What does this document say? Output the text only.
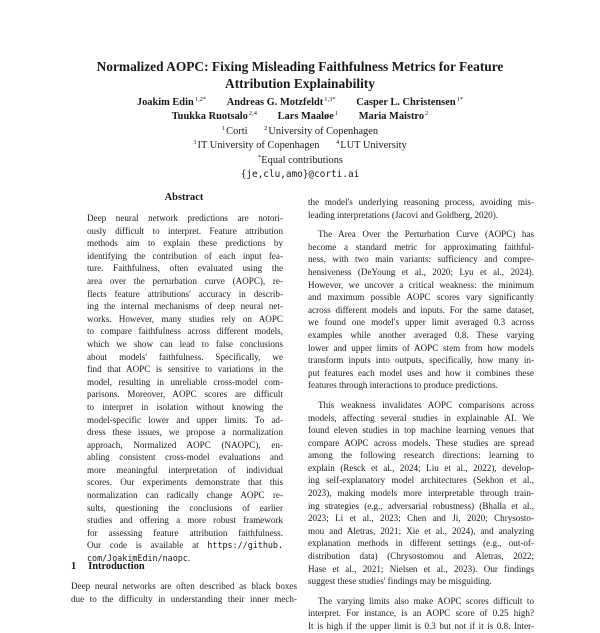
Normalized AOPC: Fixing Misleading Faithfulness Metrics for Feature
Attribution Explainability
Joakim Edin$^{1,2*}$ Andreas G. Motzfeldt$^{1,3*}$ Casper L. Christensen$^{1*}$
Tuukka Ruotsalo$^{2,4}$ Lars Maaløe$^1$ Maria Maistro$^2$
$^1$Corti	$^2$University of Copenhagen
$^3$IT University of Copenhagen	$^4$LUT University
*Equal contributions
{je,clu,amo}@corti.ai
Abstract
Deep neural network predictions are notori-
ously difficult to interpret. Feature attribution
methods aim to explain these predictions by
identifying the contribution of each input fea-
ture. Faithfulness, often evaluated using the
area over the perturbation curve (AOPC), re-
flects feature attributions' accuracy in describ-
ing the internal mechanisms of deep neural net-
works. However, many studies rely on AOPC
to compare faithfulness across different models,
which we show can lead to false conclusions
about models' faithfulness. Specifically, we
find that AOPC is sensitive to variations in the
model, resulting in unreliable cross-model com-
parisons. Moreover, AOPC scores are difficult
to interpret in isolation without knowing the
model-specific lower and upper limits. To ad-
dress these issues, we propose a normalization
approach, Normalized AOPC (NAOPC), en-
abling consistent cross-model evaluations and
more meaningful interpretation of individual
scores. Our experiments demonstrate that this
normalization can radically change AOPC re-
sults, questioning the conclusions of earlier
studies and offering a more robust framework
for assessing feature attribution faithfulness.
Our code is available at https://github.
com/JoakimEdin/naopc.
1 Introduction
Deep neural networks are often described as black boxes
due to the difficulty in understanding their inner mech-
the model's underlying reasoning process, avoiding mis-
leading interpretations (Jacovi and Goldberg, 2020).
The Area Over the Perturbation Curve (AOPC) has
become a standard metric for approximating faithful-
ness, with two main variants: sufficiency and compre-
hensiveness (DeYoung et al., 2020; Lyu et al., 2024).
However, we uncover a critical weakness: the minimum
and maximum possible AOPC scores vary significantly
across different models and inputs. For the same dataset,
we found one model's upper limit averaged 0.3 across
examples while another averaged 0.8. These varying
lower and upper limits of AOPC stem from how models
transform inputs into outputs, specifically, how many in-
put features each model uses and how it combines these
features through interactions to produce predictions.
This weakness invalidates AOPC comparisons across
models, affecting several studies in explainable AI. We
found eleven studies in top machine learning venues that
compare AOPC across models. These studies are spread
among the following research directions: learning to
explain (Resck et al., 2024; Liu et al., 2022), develop-
ing self-explanatory model architectures (Sekhon et al.,
2023), making models more interpretable through train-
ing strategies (e.g., adversarial robustness) (Bhalla et al.,
2023; Li et al., 2023; Chen and Ji, 2020; Chrysosto-
mou and Aletras, 2021; Xie et al., 2024), and analyzing
explanation methods in different settings (e.g., out-of-
distribution data) (Chrysostomou and Aletras, 2022;
Hase et al., 2021; Nielsen et al., 2023). Our findings
suggest these studies' findings may be misguiding.
The varying limits also make AOPC scores difficult to
interpret. For instance, is an AOPC score of 0.25 high?
It is high if the upper limit is 0.3 but not if it is 0.8. Inter-
